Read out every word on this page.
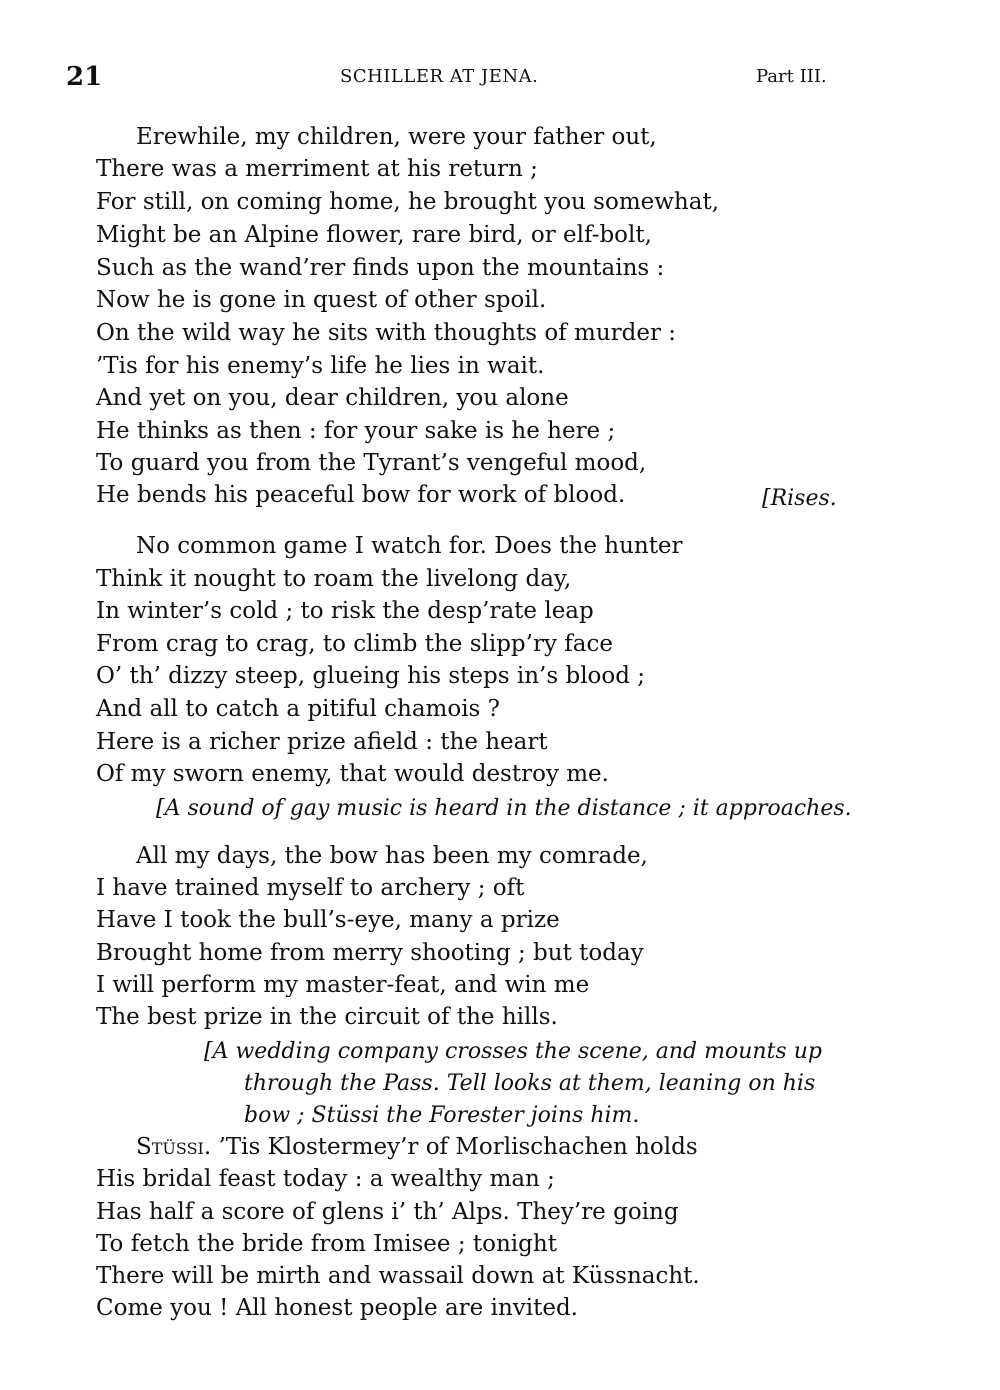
21	SCHILLER AT JENA.	Part III.
Erewhile, my children, were your father out,
There was a merriment at his return ;
For still, on coming home, he brought you somewhat,
Might be an Alpine flower, rare bird, or elf-bolt,
Such as the wand’rer finds upon the mountains :
Now he is gone in quest of other spoil.
On the wild way he sits with thoughts of murder :
’Tis for his enemy’s life he lies in wait.
And yet on you, dear children, you alone
He thinks as then : for your sake is he here ;
To guard you from the Tyrant’s vengeful mood,
He bends his peaceful bow for work of blood.	[Rises.
No common game I watch for. Does the hunter
Think it nought to roam the livelong day,
In winter’s cold ; to risk the desp’rate leap
From crag to crag, to climb the slipp’ry face
O’ th’ dizzy steep, glueing his steps in’s blood ;
And all to catch a pitiful chamois ?
Here is a richer prize afield : the heart
Of my sworn enemy, that would destroy me.
[A sound of gay music is heard in the distance ; it approaches.
All my days, the bow has been my comrade,
I have trained myself to archery ; oft
Have I took the bull’s-eye, many a prize
Brought home from merry shooting ; but today
I will perform my master-feat, and win me
The best prize in the circuit of the hills.
[A wedding company crosses the scene, and mounts up
through the Pass. Tell looks at them, leaning on his
bow ; Stüssi the Forester joins him.
Stüssi. ’Tis Klostermey’r of Morlischachen holds
His bridal feast today : a wealthy man ;
Has half a score of glens i’ th’ Alps. They’re going
To fetch the bride from Imisee ; tonight
There will be mirth and wassail down at Küssnacht.
Come you ! All honest people are invited.
